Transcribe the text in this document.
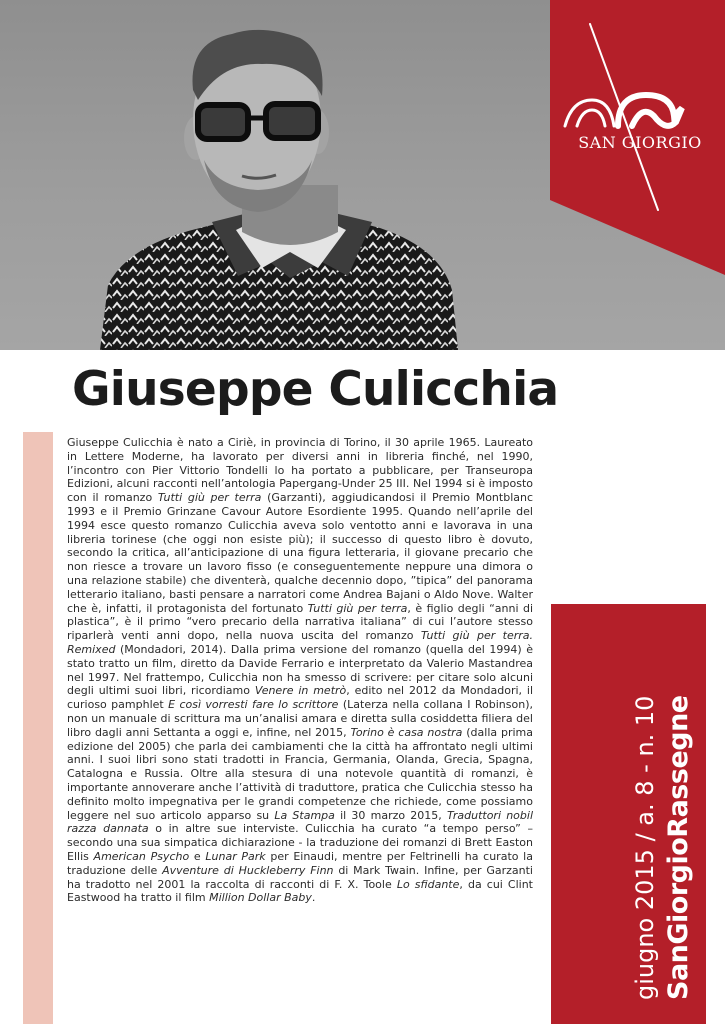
SAN GIORGIO
Giuseppe Culicchia

Giuseppe Culicchia è nato a Ciriè, in provincia di Torino, il 30 aprile 1965. Laureato in Lettere Moderne, ha lavorato per diversi anni in libreria finché, nel 1990, l’incontro con Pier Vittorio Tondelli lo ha portato a pubblicare, per Transeuropa Edizioni, alcuni racconti nell’antologia Papergang-Under 25 III. Nel 1994 si è imposto con il romanzo Tutti giù per terra (Garzanti), aggiudicandosi il Premio Montblanc 1993 e il Premio Grinzane Cavour Autore Esordiente 1995. Quando nell’aprile del 1994 esce questo romanzo Culicchia aveva solo ventotto anni e lavorava in una libreria torinese (che oggi non esiste più); il successo di questo libro è dovuto, secondo la critica, all’anticipazione di una figura letteraria, il giovane precario che non riesce a trovare un lavoro fisso (e conseguentemente neppure una dimora o una relazione stabile) che diventerà, qualche decennio dopo, ”tipica” del panorama letterario italiano, basti pensare a narratori come Andrea Bajani o Aldo Nove. Walter che è, infatti, il protagonista del fortunato Tutti giù per terra, è figlio degli “anni di plastica”, è il primo “vero precario della narrativa italiana” di cui l’autore stesso riparlerà venti anni dopo, nella nuova uscita del romanzo Tutti giù per terra. Remixed (Mondadori, 2014). Dalla prima versione del romanzo (quella del 1994) è stato tratto un film, diretto da Davide Ferrario e interpretato da Valerio Mastandrea nel 1997. Nel frattempo, Culicchia non ha smesso di scrivere: per citare solo alcuni degli ultimi suoi libri, ricordiamo Venere in metrò, edito nel 2012 da Mondadori, il curioso pamphlet E così vorresti fare lo scrittore (Laterza nella collana I Robinson), non un manuale di scrittura ma un’analisi amara e diretta sulla cosiddetta filiera del libro dagli anni Settanta a oggi e, infine, nel 2015, Torino è casa nostra (dalla prima edizione del 2005) che parla dei cambiamenti che la città ha affrontato negli ultimi anni. I suoi libri sono stati tradotti in Francia, Germania, Olanda, Grecia, Spagna, Catalogna e Russia. Oltre alla stesura di una notevole quantità di romanzi, è importante annoverare anche l’attività di traduttore, pratica che Culicchia stesso ha definito molto impegnativa per le grandi competenze che richiede, come possiamo leggere nel suo articolo apparso su La Stampa il 30 marzo 2015, Traduttori nobil razza dannata o in altre sue interviste. Culicchia ha curato “a tempo perso” – secondo una sua simpatica dichiarazione - la traduzione dei romanzi di Brett Easton Ellis American Psycho e Lunar Park per Einaudi, mentre per Feltrinelli ha curato la traduzione delle Avventure di Huckleberry Finn di Mark Twain. Infine, per Garzanti ha tradotto nel 2001 la raccolta di racconti di F. X. Toole Lo sfidante, da cui Clint Eastwood ha tratto il film Million Dollar Baby.	giugno 2015 / a. 8 - n. 10 SanGiorgioRassegne
